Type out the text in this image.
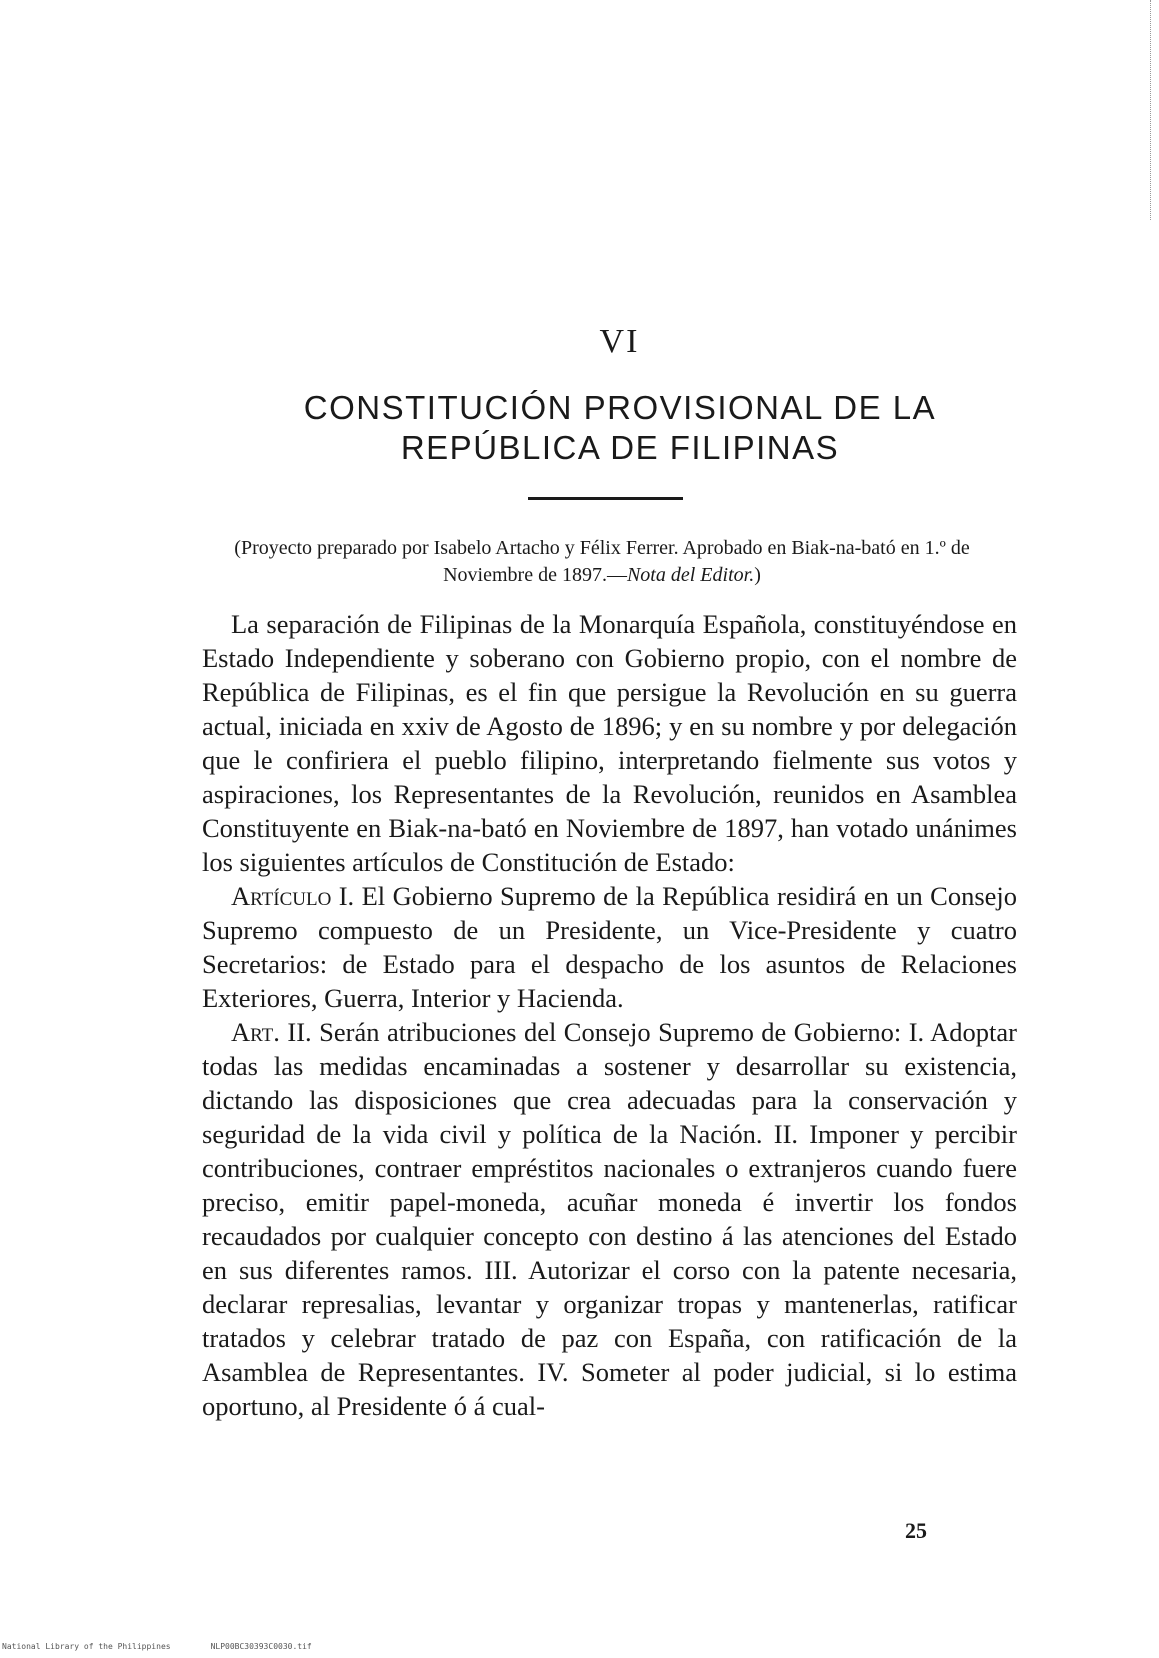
VI
CONSTITUCIÓN PROVISIONAL DE LA
REPÚBLICA DE FILIPINAS
(Proyecto preparado por Isabelo Artacho y Félix Ferrer. Aprobado en Biak-na-bató en 1.º de Noviembre de 1897.—Nota del Editor.)

La separación de Filipinas de la Monarquía Española, constituyéndose en Estado Independiente y soberano con Gobierno propio, con el nombre de República de Filipinas, es el fin que persigue la Revolución en su guerra actual, iniciada en xxiv de Agosto de 1896; y en su nombre y por delegación que le confiriera el pueblo filipino, interpretando fielmente sus votos y aspiraciones, los Representantes de la Revolución, reunidos en Asamblea Constituyente en Biak-na-bató en Noviembre de 1897, han votado unánimes los siguientes artículos de Constitución de Estado:

Artículo I. El Gobierno Supremo de la República residirá en un Consejo Supremo compuesto de un Presidente, un Vice-Presidente y cuatro Secretarios: de Estado para el despacho de los asuntos de Relaciones Exteriores, Guerra, Interior y Hacienda.

Art. II. Serán atribuciones del Consejo Supremo de Gobierno: I. Adoptar todas las medidas encaminadas a sostener y desarrollar su existencia, dictando las disposiciones que crea adecuadas para la conservación y seguridad de la vida civil y política de la Nación. II. Imponer y percibir contribuciones, contraer empréstitos nacionales o extranjeros cuando fuere preciso, emitir papel-moneda, acuñar moneda é invertir los fondos recaudados por cualquier concepto con destino á las atenciones del Estado en sus diferentes ramos. III. Autorizar el corso con la patente necesaria, declarar represalias, levantar y organizar tropas y mantenerlas, ratificar tratados y celebrar tratado de paz con España, con ratificación de la Asamblea de Representantes. IV. Someter al poder judicial, si lo estima oportuno, al Presidente ó á cual-

25
National Library of the Philippines	NLP00BC30393C0030.tif
